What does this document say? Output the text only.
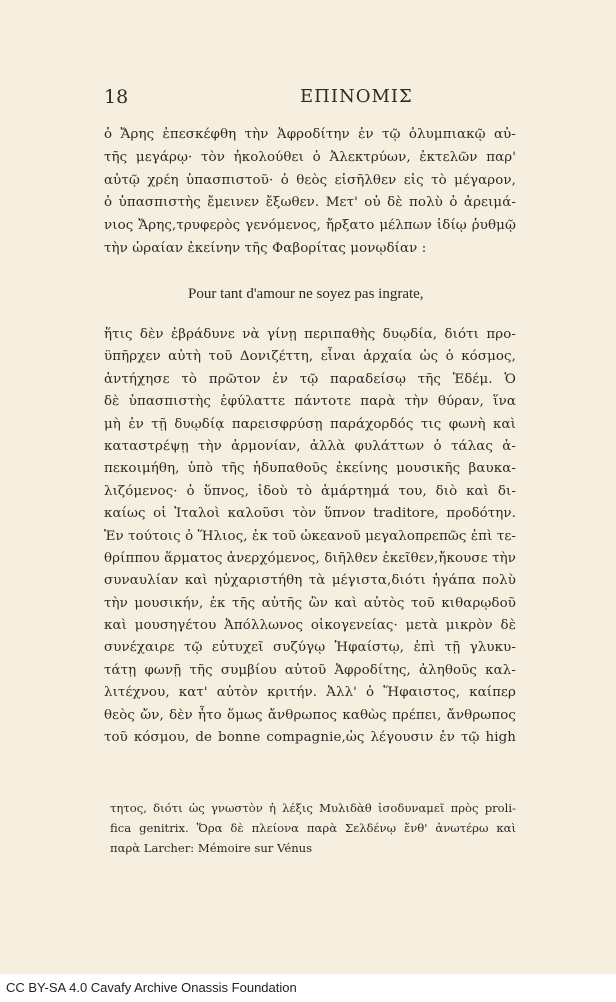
18	ΕΠΙΝΟΜΙΣ
ὁ Ἄρης ἐπεσκέφθη τὴν Ἀφροδίτην ἐν τῷ ὀλυμπιακῷ αὐ-
τῆς μεγάρῳ· τὸν ἠκολούθει ὁ Ἀλεκτρύων, ἐκτελῶν παρ'
αὐτῷ χρέη ὑπασπιστοῦ· ὁ θεὸς εἰσῆλθεν εἰς τὸ μέγαρον,
ὁ ὑπασπιστὴς ἔμεινεν ἔξωθεν. Μετ' οὐ δὲ πολὺ ὁ ἀρειμά-
νιος Ἄρης,τρυφερὸς γενόμενος, ἤρξατο μέλπων ἰδίῳ ῥυθμῷ
τὴν ὡραίαν ἐκείνην τῆς Φαβορίτας μονῳδίαν :
Pour tant d'amour ne soyez pas ingrate,
ἥτις δὲν ἐβράδυνε νὰ γίνῃ περιπαθὴς δυῳδία, διότι προ-
ϋπῆρχεν αὐτὴ τοῦ Δονιζέττη, εἶναι ἀρχαία ὡς ὁ κόσμος,
ἀντήχησε τὸ πρῶτον ἐν τῷ παραδείσῳ τῆς Ἐδέμ. Ὁ
δὲ ὑπασπιστὴς ἐφύλαττε πάντοτε παρὰ τὴν θύραν, ἵνα
μὴ ἐν τῇ δυῳδίᾳ παρεισφρύσῃ παράχορδός τις φωνὴ καὶ
καταστρέψῃ τὴν ἁρμονίαν, ἀλλὰ φυλάττων ὁ τάλας ἀ-
πεκοιμήθη, ὑπὸ τῆς ἡδυπαθοῦς ἐκείνης μουσικῆς βαυκα-
λιζόμενος· ὁ ὕπνος, ἰδοὺ τὸ ἁμάρτημά του, διὸ καὶ δι-
καίως οἱ Ἰταλοὶ καλοῦσι τὸν ὕπνον traditore, προδότην.
Ἐν τούτοις ὁ Ἥλιος, ἐκ τοῦ ὠκεανοῦ μεγαλοπρεπῶς ἐπὶ τε-
θρίππου ἅρματος ἀνερχόμενος, διῆλθεν ἐκεῖθεν,ἤκουσε τὴν
συναυλίαν καὶ ηὐχαριστήθη τὰ μέγιστα,διότι ἠγάπα πολὺ
τὴν μουσικήν, ἐκ τῆς αὐτῆς ὢν καὶ αὐτὸς τοῦ κιθαρῳδοῦ
καὶ μουσηγέτου Ἀπόλλωνος οἰκογενείας· μετὰ μικρὸν δὲ
συνέχαιρε τῷ εὐτυχεῖ συζύγῳ Ἡφαίστῳ, ἐπὶ τῇ γλυκυ-
τάτῃ φωνῇ τῆς συμβίου αὐτοῦ Ἀφροδίτης, ἀληθοῦς καλ-
λιτέχνου, κατ' αὐτὸν κριτήν. Ἀλλ' ὁ Ἥφαιστος, καίπερ
θεὸς ὤν, δὲν ἦτο ὅμως ἄνθρωπος καθὼς πρέπει, ἄνθρωπος
τοῦ κόσμου, de bonne compagnie,ὡς λέγουσιν ἐν τῷ high
τητος, διότι ὡς γνωστὸν ἡ λέξις Μυλιδὰθ ἰσοδυναμεῖ πρὸς proli-
fica genitrix. Ὅρα δὲ πλείονα παρὰ Σελδένῳ ἔνθ' ἀνωτέρω καὶ
παρὰ Larcher: Mémoire sur Vénus
CC BY-SA 4.0 Cavafy Archive Onassis Foundation
